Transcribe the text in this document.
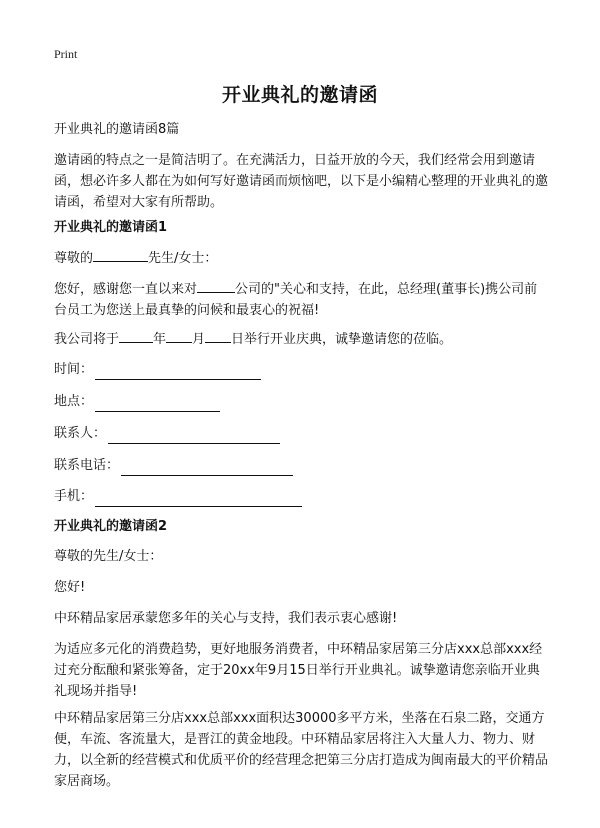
Print
开业典礼的邀请函
开业典礼的邀请函8篇
邀请函的特点之一是简洁明了。在充满活力，日益开放的今天，我们经常会用到邀请函，想必许多人都在为如何写好邀请函而烦恼吧，以下是小编精心整理的开业典礼的邀请函，希望对大家有所帮助。
开业典礼的邀请函1
尊敬的	先生/女士：
您好，感谢您一直以来对	公司的"关心和支持，在此，总经理(董事长)携公司前台员工为您送上最真挚的问候和最衷心的祝福!
我公司将于	年 月 日举行开业庆典，诚挚邀请您的莅临。
时间：
地点：
联系人：
联系电话：
手机：
开业典礼的邀请函2
尊敬的先生/女士：
您好!
中环精品家居承蒙您多年的关心与支持，我们表示衷心感谢!
为适应多元化的消费趋势，更好地服务消费者，中环精品家居第三分店xxx总部xxx经过充分酝酿和紧张筹备，定于20xx年9月15日举行开业典礼。诚挚邀请您亲临开业典礼现场并指导!
中环精品家居第三分店xxx总部xxx面积达30000多平方米，坐落在石泉二路，交通方便，车流、客流量大，是晋江的黄金地段。中环精品家居将注入大量人力、物力、财力，以全新的经营模式和优质平价的经营理念把第三分店打造成为闽南最大的平价精品家居商场。
